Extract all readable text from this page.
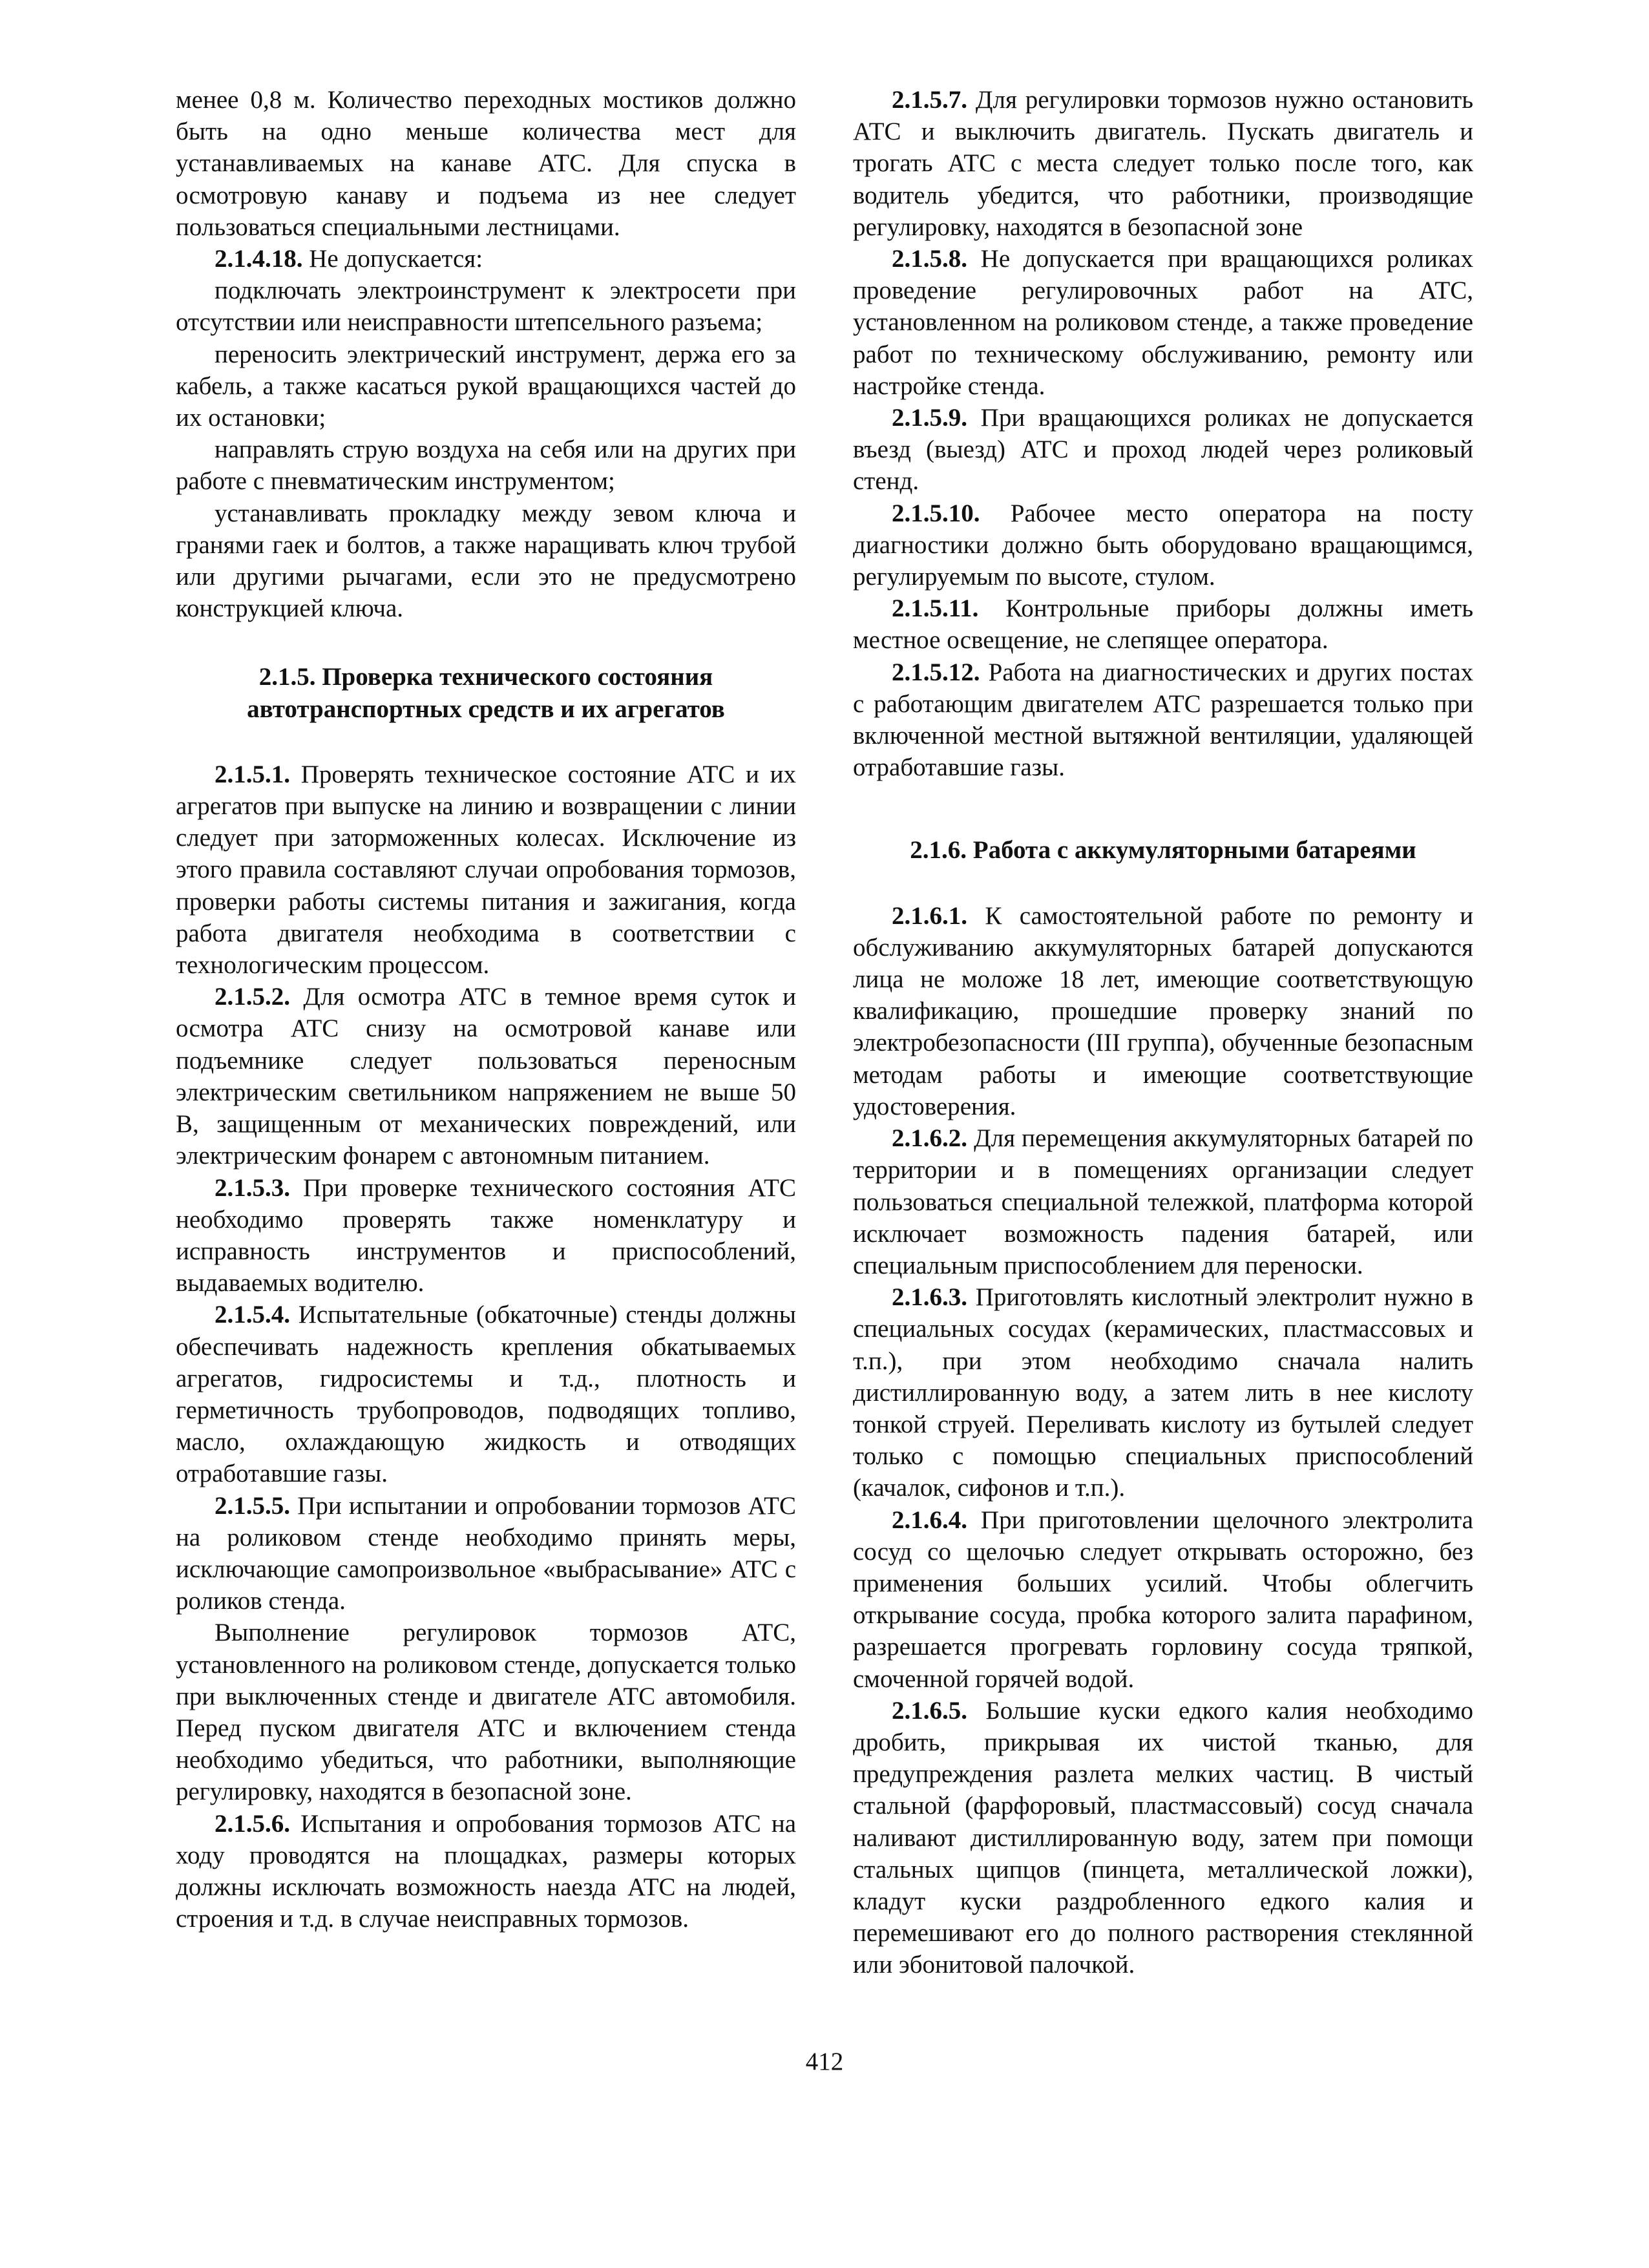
менее 0,8 м. Количество переходных мостиков должно быть на одно меньше количества мест для устанавливаемых на канаве АТС. Для спуска в осмотровую канаву и подъема из нее следует пользоваться специальными лестницами.

2.1.4.18. Не допускается:

подключать электроинструмент к электросети при отсутствии или неисправности штепсельного разъема;

переносить электрический инструмент, держа его за кабель, а также касаться рукой вращающихся частей до их остановки;

направлять струю воздуха на себя или на других при работе с пневматическим инструментом;

устанавливать прокладку между зевом ключа и гранями гаек и болтов, а также наращивать ключ трубой или другими рычагами, если это не предусмотрено конструкцией ключа.

2.1.5. Проверка технического состояния
автотранспортных средств и их агрегатов

2.1.5.1. Проверять техническое состояние АТС и их агрегатов при выпуске на линию и возвращении с линии следует при заторможенных колесах. Исключение из этого правила составляют случаи опробования тормозов, проверки работы системы питания и зажигания, когда работа двигателя необходима в соответствии с технологическим процессом.

2.1.5.2. Для осмотра АТС в темное время суток и осмотра АТС снизу на осмотровой канаве или подъемнике следует пользоваться переносным электрическим светильником напряжением не выше 50 В, защищенным от механических повреждений, или электрическим фонарем с автономным питанием.

2.1.5.3. При проверке технического состояния АТС необходимо проверять также номенклатуру и исправность инструментов и приспособлений, выдаваемых водителю.

2.1.5.4. Испытательные (обкаточные) стенды должны обеспечивать надежность крепления обкатываемых агрегатов, гидросистемы и т.д., плотность и герметичность трубопроводов, подводящих топливо, масло, охлаждающую жидкость и отводящих отработавшие газы.

2.1.5.5. При испытании и опробовании тормозов АТС на роликовом стенде необходимо принять меры, исключающие самопроизвольное «выбрасывание» АТС с роликов стенда.

Выполнение регулировок тормозов АТС, установленного на роликовом стенде, допускается только при выключенных стенде и двигателе АТС автомобиля. Перед пуском двигателя АТС и включением стенда необходимо убедиться, что работники, выполняющие регулировку, находятся в безопасной зоне.

2.1.5.6. Испытания и опробования тормозов АТС на ходу проводятся на площадках, размеры которых должны исключать возможность наезда АТС на людей, строения и т.д. в случае неисправных тормозов.

2.1.5.7. Для регулировки тормозов нужно остановить АТС и выключить двигатель. Пускать двигатель и трогать АТС с места следует только после того, как водитель убедится, что работники, производящие регулировку, находятся в безопасной зоне

2.1.5.8. Не допускается при вращающихся роликах проведение регулировочных работ на АТС, установленном на роликовом стенде, а также проведение работ по техническому обслуживанию, ремонту или настройке стенда.

2.1.5.9. При вращающихся роликах не допускается въезд (выезд) АТС и проход людей через роликовый стенд.

2.1.5.10. Рабочее место оператора на посту диагностики должно быть оборудовано вращающимся, регулируемым по высоте, стулом.

2.1.5.11. Контрольные приборы должны иметь местное освещение, не слепящее оператора.

2.1.5.12. Работа на диагностических и других постах с работающим двигателем АТС разрешается только при включенной местной вытяжной вентиляции, удаляющей отработавшие газы.

2.1.6. Работа с аккумуляторными батареями

2.1.6.1. К самостоятельной работе по ремонту и обслуживанию аккумуляторных батарей допускаются лица не моложе 18 лет, имеющие соответствующую квалификацию, прошедшие проверку знаний по электробезопасности (III группа), обученные безопасным методам работы и имеющие соответствующие удостоверения.

2.1.6.2. Для перемещения аккумуляторных батарей по территории и в помещениях организации следует пользоваться специальной тележкой, платформа которой исключает возможность падения батарей, или специальным приспособлением для переноски.

2.1.6.3. Приготовлять кислотный электролит нужно в специальных сосудах (керамических, пластмассовых и т.п.), при этом необходимо сначала налить дистиллированную воду, а затем лить в нее кислоту тонкой струей. Переливать кислоту из бутылей следует только с помощью специальных приспособлений (качалок, сифонов и т.п.).

2.1.6.4. При приготовлении щелочного электролита сосуд со щелочью следует открывать осторожно, без применения больших усилий. Чтобы облегчить открывание сосуда, пробка которого залита парафином, разрешается прогревать горловину сосуда тряпкой, смоченной горячей водой.

2.1.6.5. Большие куски едкого калия необходимо дробить, прикрывая их чистой тканью, для предупреждения разлета мелких частиц. В чистый стальной (фарфоровый, пластмассовый) сосуд сначала наливают дистиллированную воду, затем при помощи стальных щипцов (пинцета, металлической ложки), кладут куски раздробленного едкого калия и перемешивают его до полного растворения стеклянной или эбонитовой палочкой.

412
